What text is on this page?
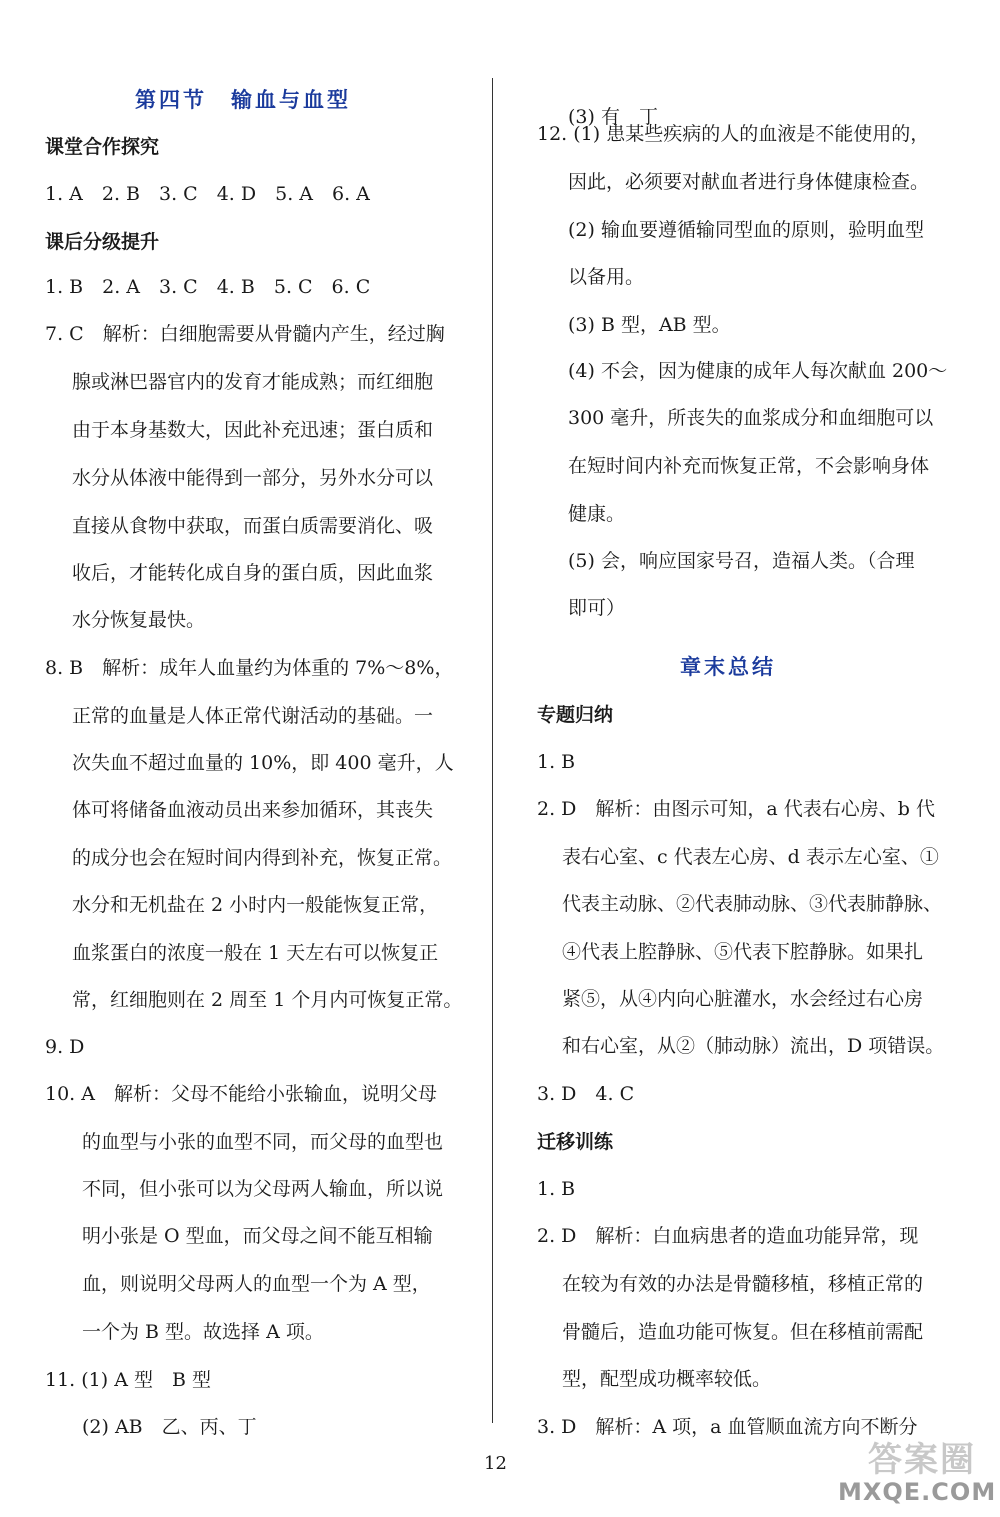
第四节　输血与血型
课堂合作探究
1. A　2. B　3. C　4. D　5. A　6. A
课后分级提升
1. B　2. A　3. C　4. B　5. C　6. C
7. C　解析：白细胞需要从骨髓内产生，经过胸
腺或淋巴器官内的发育才能成熟；而红细胞
由于本身基数大，因此补充迅速；蛋白质和
水分从体液中能得到一部分，另外水分可以
直接从食物中获取，而蛋白质需要消化、吸
收后，才能转化成自身的蛋白质，因此血浆
水分恢复最快。
8. B　解析：成年人血量约为体重的 7%～8%，
正常的血量是人体正常代谢活动的基础。一
次失血不超过血量的 10%，即 400 毫升，人
体可将储备血液动员出来参加循环，其丧失
的成分也会在短时间内得到补充，恢复正常。
水分和无机盐在 2 小时内一般能恢复正常，
血浆蛋白的浓度一般在 1 天左右可以恢复正
常，红细胞则在 2 周至 1 个月内可恢复正常。
9. D
10. A　解析：父母不能给小张输血，说明父母
的血型与小张的血型不同，而父母的血型也
不同，但小张可以为父母两人输血，所以说
明小张是 O 型血，而父母之间不能互相输
血，则说明父母两人的血型一个为 A 型，
一个为 B 型。故选择 A 项。
11. (1) A 型　B 型
(2) AB　乙、丙、丁
(3) 有　丁
12. (1) 患某些疾病的人的血液是不能使用的，
因此，必须要对献血者进行身体健康检查。
(2) 输血要遵循输同型血的原则，验明血型
以备用。
(3) B 型，AB 型。
(4) 不会，因为健康的成年人每次献血 200～
300 毫升，所丧失的血浆成分和血细胞可以
在短时间内补充而恢复正常，不会影响身体
健康。
(5) 会，响应国家号召，造福人类。（合理
即可）
章末总结
专题归纳
1. B
2. D　解析：由图示可知，a 代表右心房、b 代
表右心室、c 代表左心房、d 表示左心室、①
代表主动脉、②代表肺动脉、③代表肺静脉、
④代表上腔静脉、⑤代表下腔静脉。如果扎
紧⑤，从④内向心脏灌水，水会经过右心房
和右心室，从②（肺动脉）流出，D 项错误。
3. D　4. C
迁移训练
1. B
2. D　解析：白血病患者的造血功能异常，现
在较为有效的办法是骨髓移植，移植正常的
骨髓后，造血功能可恢复。但在移植前需配
型，配型成功概率较低。
3. D　解析：A 项，a 血管顺血流方向不断分
12	答案圈
MXQE.COM
